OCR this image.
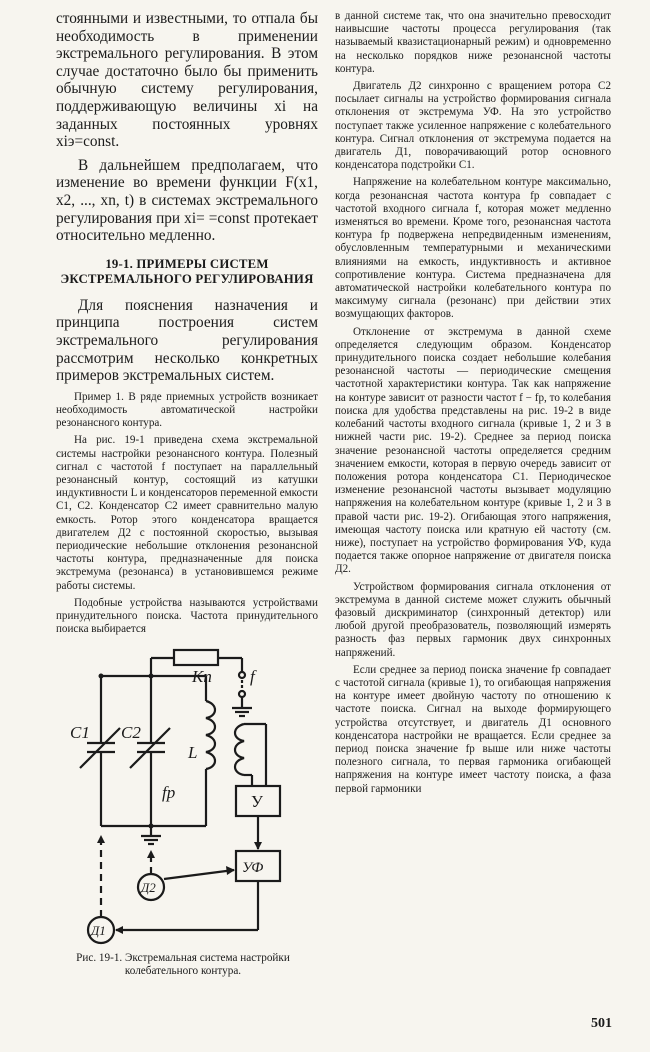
стоянными и известными, то отпала бы необходимость в применении экстремального регулирования. В этом случае достаточно было бы применить обычную систему регулирования, поддерживающую величины xi на заданных постоянных уровнях xiэ=const.

В дальнейшем предполагаем, что изменение во времени функции F(x1, x2, ..., xn, t) в системах экстремального регулирования при xi= =const протекает относительно медленно.

19-1. ПРИМЕРЫ СИСТЕМ ЭКСТРЕМАЛЬНОГО РЕГУЛИРОВАНИЯ

Для пояснения назначения и принципа построения систем экстремального регулирования рассмотрим несколько конкретных примеров экстремальных систем.

Пример 1. В ряде приемных устройств возникает необходимость автоматической настройки резонансного контура.

На рис. 19-1 приведена схема экстремальной системы настройки резонансного контура. Полезный сигнал с частотой f поступает на параллельный резонансный контур, состоящий из катушки индуктивности L и конденсаторов переменной емкости C1, C2. Конденсатор C2 имеет сравнительно малую емкость. Ротор этого конденсатора вращается двигателем Д2 с постоянной скоростью, вызывая периодические небольшие отклонения резонансной частоты контура, предназначенные для поиска экстремума (резонанса) в установившемся режиме работы системы.

Подобные устройства называются устройствами принудительного поиска. Частота принудительного поиска выбирается

Kп f
C1 C2
L
fр	У
УФ
Д2
Д1

Рис. 19-1. Экстремальная система настройки колебательного контура.

в данной системе так, что она значительно превосходит наивысшие частоты процесса регулирования (так называемый квазистационарный режим) и одновременно на несколько порядков ниже резонансной частоты контура.

Двигатель Д2 синхронно с вращением ротора C2 посылает сигналы на устройство формирования сигнала отклонения от экстремума УФ. На это устройство поступает также усиленное напряжение с колебательного контура. Сигнал отклонения от экстремума подается на двигатель Д1, поворачивающий ротор основного конденсатора подстройки C1.

Напряжение на колебательном контуре максимально, когда резонансная частота контура fр совпадает с частотой входного сигнала f, которая может медленно изменяться во времени. Кроме того, резонансная частота контура fр подвержена непредвиденным изменениям, обусловленным температурными и механическими влияниями на емкость, индуктивность и активное сопротивление контура. Система предназначена для автоматической настройки колебательного контура по максимуму сигнала (резонанс) при действии этих возмущающих факторов.

Отклонение от экстремума в данной схеме определяется следующим образом. Конденсатор принудительного поиска создает небольшие колебания резонансной частоты — периодические смещения частотной характеристики контура. Так как напряжение на контуре зависит от разности частот f − fр, то колебания поиска для удобства представлены на рис. 19-2 в виде колебаний частоты входного сигнала (кривые 1, 2 и 3 в нижней части рис. 19-2). Среднее за период поиска значение резонансной частоты определяется средним значением емкости, которая в первую очередь зависит от положения ротора конденсатора C1. Периодическое изменение резонансной частоты вызывает модуляцию напряжения на колебательном контуре (кривые 1, 2 и 3 в правой части рис. 19-2). Огибающая этого напряжения, имеющая частоту поиска или кратную ей частоту (см. ниже), поступает на устройство формирования УФ, куда подается также опорное напряжение от двигателя поиска Д2.

Устройством формирования сигнала отклонения от экстремума в данной системе может служить обычный фазовый дискриминатор (синхронный детектор) или любой другой преобразователь, позволяющий измерять разность фаз первых гармоник двух синхронных напряжений.

Если среднее за период поиска значение fр совпадает с частотой сигнала (кривые 1), то огибающая напряжения на контуре имеет двойную частоту по отношению к частоте поиска. Сигнал на выходе формирующего устройства отсутствует, и двигатель Д1 основного конденсатора настройки не вращается. Если среднее за период поиска значение fр выше или ниже частоты полезного сигнала, то первая гармоника огибающей напряжения на контуре имеет частоту поиска, а фаза первой гармоники

501
